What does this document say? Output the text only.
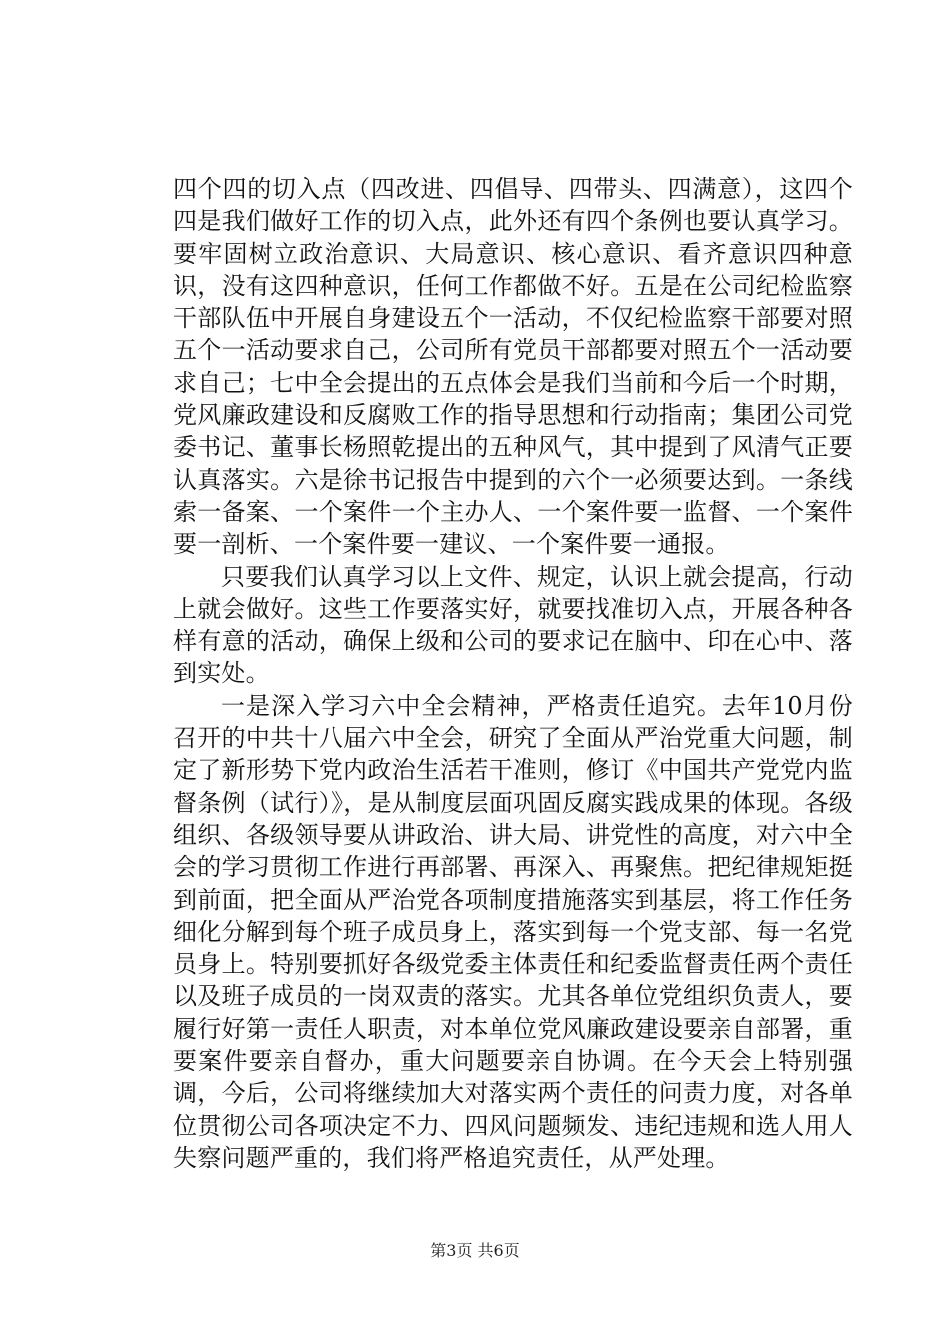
四个四的切入点（四改进、四倡导、四带头、四满意），这四个四是我们做好工作的切入点，此外还有四个条例也要认真学习。要牢固树立政治意识、大局意识、核心意识、看齐意识四种意识，没有这四种意识，任何工作都做不好。五是在公司纪检监察干部队伍中开展自身建设五个一活动，不仅纪检监察干部要对照五个一活动要求自己，公司所有党员干部都要对照五个一活动要求自己；七中全会提出的五点体会是我们当前和今后一个时期，党风廉政建设和反腐败工作的指导思想和行动指南；集团公司党委书记、董事长杨照乾提出的五种风气，其中提到了风清气正要认真落实。六是徐书记报告中提到的六个一必须要达到。一条线索一备案、一个案件一个主办人、一个案件要一监督、一个案件要一剖析、一个案件要一建议、一个案件要一通报。

只要我们认真学习以上文件、规定，认识上就会提高，行动上就会做好。这些工作要落实好，就要找准切入点，开展各种各样有意的活动，确保上级和公司的要求记在脑中、印在心中、落到实处。

一是深入学习六中全会精神，严格责任追究。去年10月份召开的中共十八届六中全会，研究了全面从严治党重大问题，制定了新形势下党内政治生活若干准则，修订《中国共产党党内监督条例（试行）》，是从制度层面巩固反腐实践成果的体现。各级组织、各级领导要从讲政治、讲大局、讲党性的高度，对六中全会的学习贯彻工作进行再部署、再深入、再聚焦。把纪律规矩挺到前面，把全面从严治党各项制度措施落实到基层，将工作任务细化分解到每个班子成员身上，落实到每一个党支部、每一名党员身上。特别要抓好各级党委主体责任和纪委监督责任两个责任以及班子成员的一岗双责的落实。尤其各单位党组织负责人，要履行好第一责任人职责，对本单位党风廉政建设要亲自部署，重要案件要亲自督办，重大问题要亲自协调。在今天会上特别强调，今后，公司将继续加大对落实两个责任的问责力度，对各单位贯彻公司各项决定不力、四风问题频发、违纪违规和选人用人失察问题严重的，我们将严格追究责任，从严处理。

第3页 共6页
